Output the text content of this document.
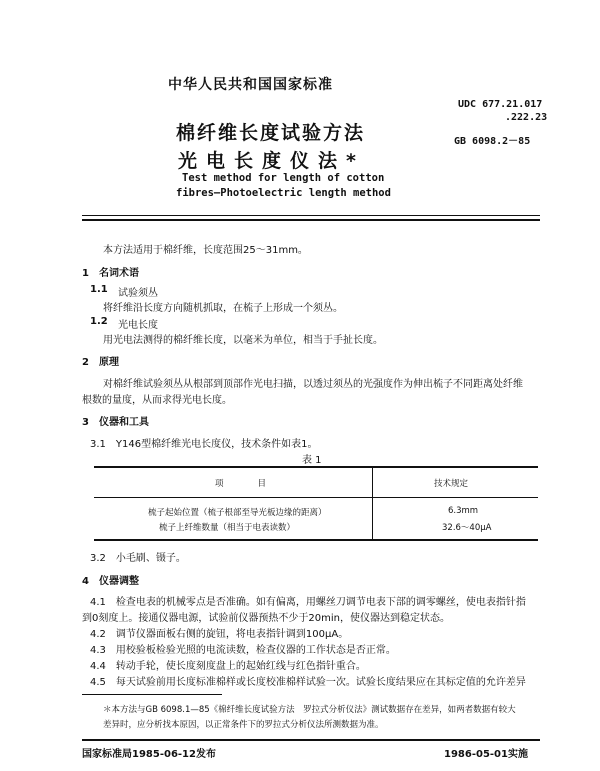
中华人民共和国国家标准
棉纤维长度试验方法
光电长度仪法*
UDC 677.21.017
.222.23
GB 6098.2－85
Test method for length of cotton
fibres—Photoelectric length method
本方法适用于棉纤维，长度范围25～31mm。
1　名词术语
1.1 试验须丛
将纤维沿长度方向随机抓取，在梳子上形成一个须丛。
1.2 光电长度
用光电法测得的棉纤维长度，以毫米为单位，相当于手扯长度。
2　原理
对棉纤维试验须丛从根部到顶部作光电扫描，以透过须丛的光强度作为伸出梳子不同距离处纤维
根数的量度，从而求得光电长度。
3　仪器和工具
3.1　Y146型棉纤维光电长度仪，技术条件如表1。
表 1
项　　　　目	技术规定
梳子起始位置（梳子根部至导光板边缘的距离）	6.3mm
梳子上纤维数量（相当于电表读数）	32.6～40μA
3.2　小毛刷、镊子。
4　仪器调整
4.1　检查电表的机械零点是否准确。如有偏离，用螺丝刀调节电表下部的调零螺丝，使电表指针指
到0刻度上。接通仪器电源，试验前仪器预热不少于20min，使仪器达到稳定状态。
4.2　调节仪器面板右侧的旋钮，将电表指针调到100μA。
4.3　用校验板检验光照的电流读数，检查仪器的工作状态是否正常。
4.4　转动手轮，使长度刻度盘上的起始红线与红色指针重合。
4.5　每天试验前用长度标准棉样或长度校准棉样试验一次。试验长度结果应在其标定值的允许差异
＊本方法与GB 6098.1—85《棉纤维长度试验方法　罗拉式分析仪法》测试数据存在差异，如两者数据有较大
差异时，应分析找本原因，以正常条件下的罗拉式分析仪法所测数据为准。
国家标准局1985-06-12发布	1986-05-01实施
